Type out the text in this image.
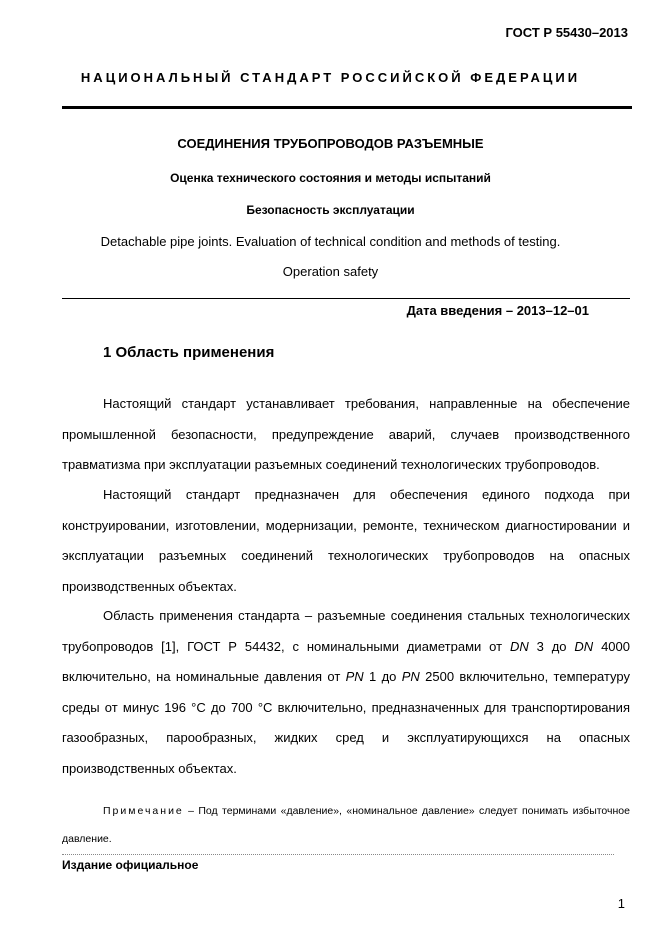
ГОСТ Р 55430–2013
НАЦИОНАЛЬНЫЙ СТАНДАРТ РОССИЙСКОЙ ФЕДЕРАЦИИ
СОЕДИНЕНИЯ ТРУБОПРОВОДОВ РАЗЪЕМНЫЕ
Оценка технического состояния и методы испытаний
Безопасность эксплуатации
Detachable pipe joints. Evaluation of technical condition and methods of testing.
Operation safety
Дата введения – 2013–12–01
1 Область применения

Настоящий стандарт устанавливает требования, направленные на обеспечение промышленной безопасности, предупреждение аварий, случаев производственного травматизма при эксплуатации разъемных соединений технологических трубопроводов.

Настоящий стандарт предназначен для обеспечения единого подхода при конструировании, изготовлении, модернизации, ремонте, техническом диагностировании и эксплуатации разъемных соединений технологических трубопроводов на опасных производственных объектах.

Область применения стандарта – разъемные соединения стальных технологических трубопроводов [1], ГОСТ Р 54432, с номинальными диаметрами от DN 3 до DN 4000 включительно, на номинальные давления от PN 1 до PN 2500 включительно, температуру среды от минус 196 °С до 700 °С включительно, предназначенных для транспортирования газообразных, парообразных, жидких сред и эксплуатирующихся на опасных производственных объектах.

Примечание – Под терминами «давление», «номинальное давление» следует понимать избыточное давление.

Издание официальное
1
